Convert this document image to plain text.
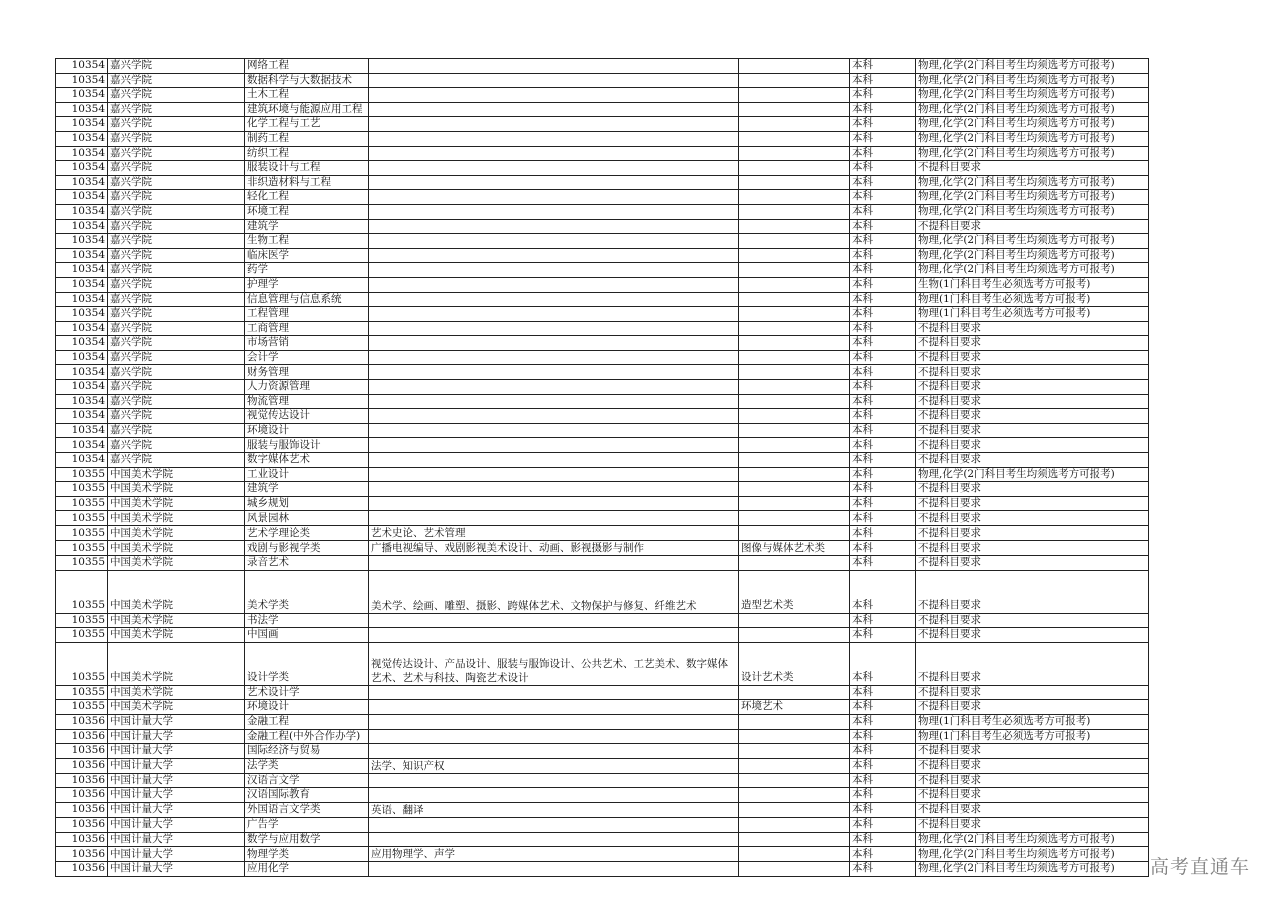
10354	嘉兴学院	网络工程			本科	物理,化学(2门科目考生均须选考方可报考)
10354	嘉兴学院	数据科学与大数据技术			本科	物理,化学(2门科目考生均须选考方可报考)
10354	嘉兴学院	土木工程			本科	物理,化学(2门科目考生均须选考方可报考)
10354	嘉兴学院	建筑环境与能源应用工程			本科	物理,化学(2门科目考生均须选考方可报考)
10354	嘉兴学院	化学工程与工艺			本科	物理,化学(2门科目考生均须选考方可报考)
10354	嘉兴学院	制药工程			本科	物理,化学(2门科目考生均须选考方可报考)
10354	嘉兴学院	纺织工程			本科	物理,化学(2门科目考生均须选考方可报考)
10354	嘉兴学院	服装设计与工程			本科	不提科目要求
10354	嘉兴学院	非织造材料与工程			本科	物理,化学(2门科目考生均须选考方可报考)
10354	嘉兴学院	轻化工程			本科	物理,化学(2门科目考生均须选考方可报考)
10354	嘉兴学院	环境工程			本科	物理,化学(2门科目考生均须选考方可报考)
10354	嘉兴学院	建筑学			本科	不提科目要求
10354	嘉兴学院	生物工程			本科	物理,化学(2门科目考生均须选考方可报考)
10354	嘉兴学院	临床医学			本科	物理,化学(2门科目考生均须选考方可报考)
10354	嘉兴学院	药学			本科	物理,化学(2门科目考生均须选考方可报考)
10354	嘉兴学院	护理学			本科	生物(1门科目考生必须选考方可报考)
10354	嘉兴学院	信息管理与信息系统			本科	物理(1门科目考生必须选考方可报考)
10354	嘉兴学院	工程管理			本科	物理(1门科目考生必须选考方可报考)
10354	嘉兴学院	工商管理			本科	不提科目要求
10354	嘉兴学院	市场营销			本科	不提科目要求
10354	嘉兴学院	会计学			本科	不提科目要求
10354	嘉兴学院	财务管理			本科	不提科目要求
10354	嘉兴学院	人力资源管理			本科	不提科目要求
10354	嘉兴学院	物流管理			本科	不提科目要求
10354	嘉兴学院	视觉传达设计			本科	不提科目要求
10354	嘉兴学院	环境设计			本科	不提科目要求
10354	嘉兴学院	服装与服饰设计			本科	不提科目要求
10354	嘉兴学院	数字媒体艺术			本科	不提科目要求
10355	中国美术学院	工业设计			本科	物理,化学(2门科目考生均须选考方可报考)
10355	中国美术学院	建筑学			本科	不提科目要求
10355	中国美术学院	城乡规划			本科	不提科目要求
10355	中国美术学院	风景园林			本科	不提科目要求
10355	中国美术学院	艺术学理论类	艺术史论、艺术管理		本科	不提科目要求
10355	中国美术学院	戏剧与影视学类	广播电视编导、戏剧影视美术设计、动画、影视摄影与制作	图像与媒体艺术类	本科	不提科目要求
10355	中国美术学院	录音艺术			本科	不提科目要求
10355	中国美术学院	美术学类	美术学、绘画、雕塑、摄影、跨媒体艺术、文物保护与修复、纤维艺术	造型艺术类	本科	不提科目要求
10355	中国美术学院	书法学			本科	不提科目要求
10355	中国美术学院	中国画			本科	不提科目要求
10355	中国美术学院	设计学类	视觉传达设计、产品设计、服装与服饰设计、公共艺术、工艺美术、数字媒体艺术、艺术与科技、陶瓷艺术设计	设计艺术类	本科	不提科目要求
10355	中国美术学院	艺术设计学			本科	不提科目要求
10355	中国美术学院	环境设计		环境艺术	本科	不提科目要求
10356	中国计量大学	金融工程			本科	物理(1门科目考生必须选考方可报考)
10356	中国计量大学	金融工程(中外合作办学)			本科	物理(1门科目考生必须选考方可报考)
10356	中国计量大学	国际经济与贸易			本科	不提科目要求
10356	中国计量大学	法学类	法学、知识产权		本科	不提科目要求
10356	中国计量大学	汉语言文学			本科	不提科目要求
10356	中国计量大学	汉语国际教育			本科	不提科目要求
10356	中国计量大学	外国语言文学类	英语、翻译		本科	不提科目要求
10356	中国计量大学	广告学			本科	不提科目要求
10356	中国计量大学	数学与应用数学			本科	物理,化学(2门科目考生均须选考方可报考)
10356	中国计量大学	物理学类	应用物理学、声学		本科	物理,化学(2门科目考生均须选考方可报考)
10356	中国计量大学	应用化学			本科	物理,化学(2门科目考生均须选考方可报考) 高考直通车
